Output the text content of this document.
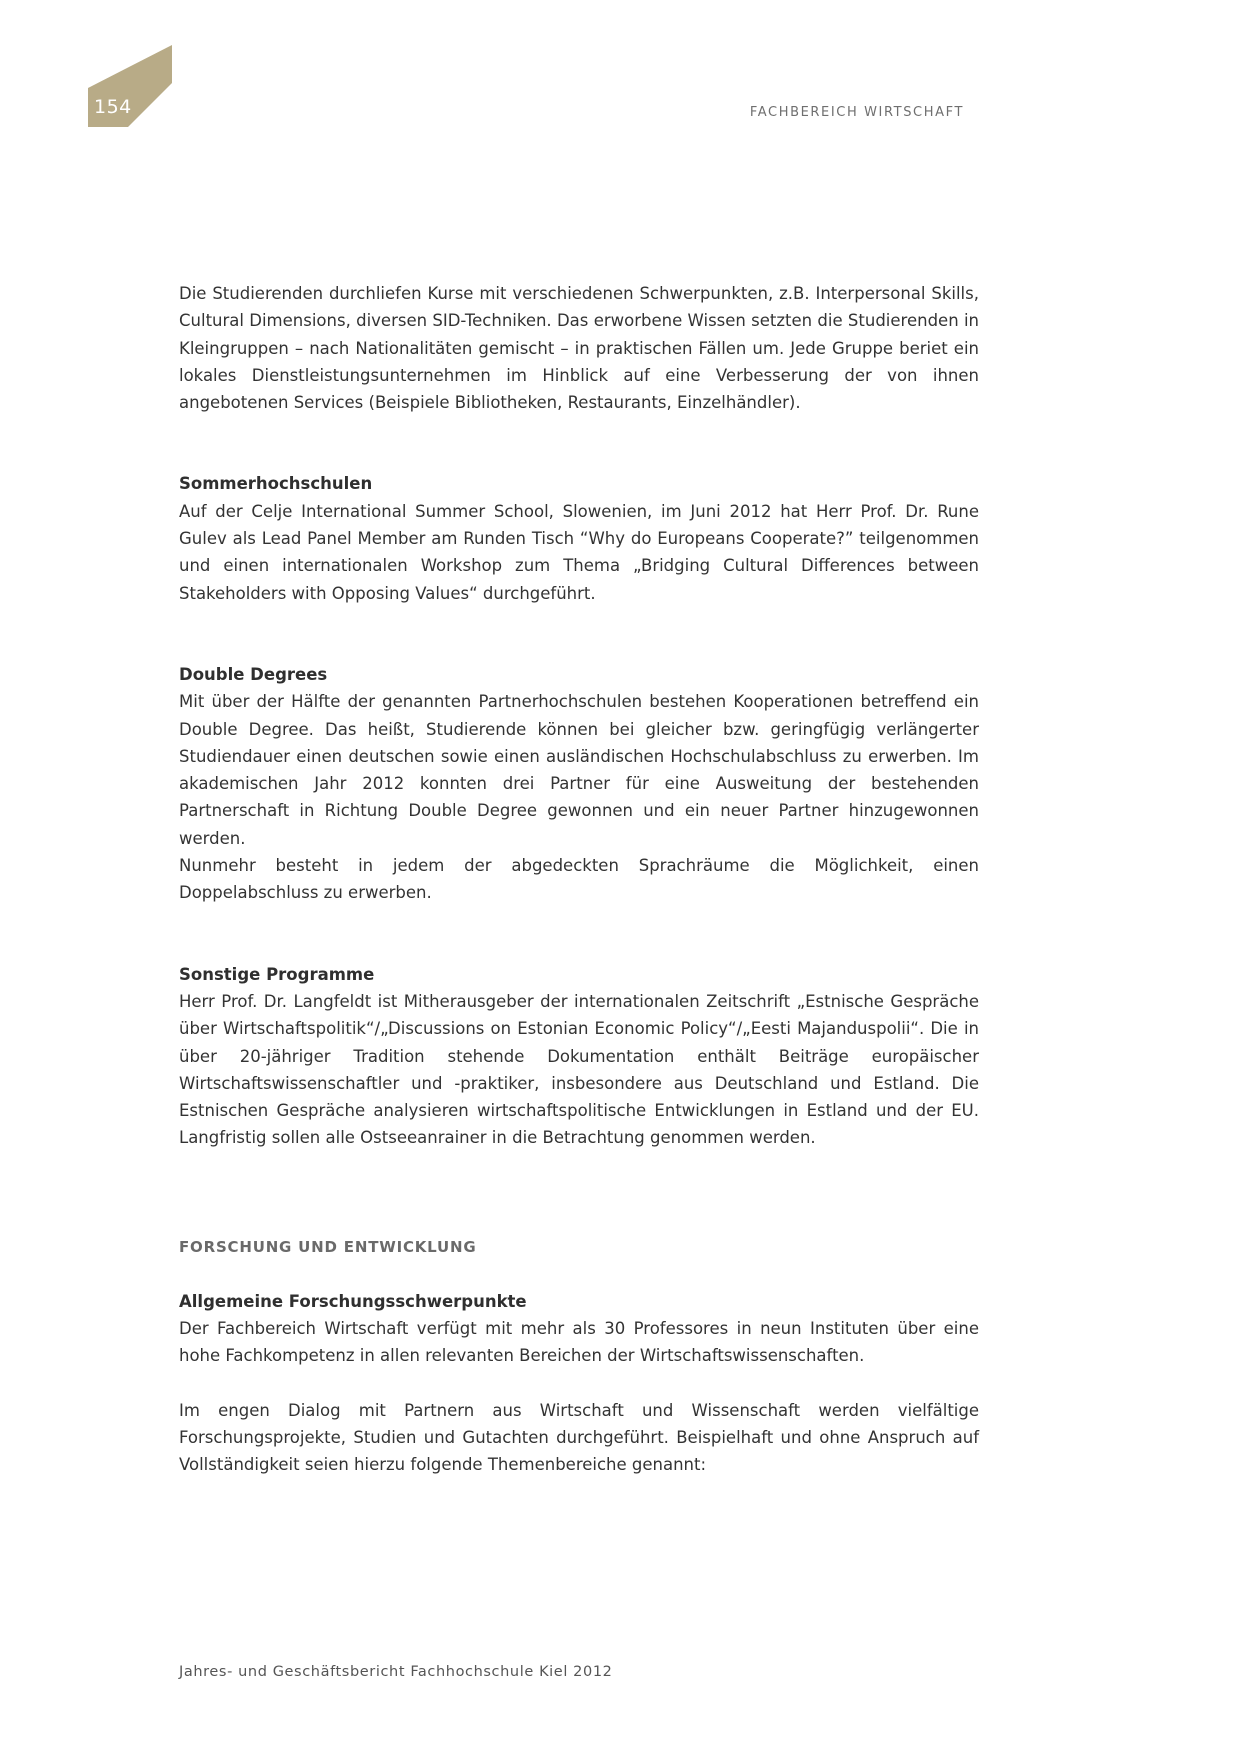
154	FACHBEREICH WIRTSCHAFT

Die Studierenden durchliefen Kurse mit verschiedenen Schwerpunkten, z.B. Interpersonal Skills, Cultural Dimensions, diversen SID-Techniken. Das erworbene Wissen setzten die Studierenden in Kleingruppen – nach Nationalitäten gemischt – in praktischen Fällen um. Jede Gruppe beriet ein lokales Dienstleistungsunternehmen im Hinblick auf eine Verbesserung der von ihnen angebotenen Services (Beispiele Bibliotheken, Restaurants, Einzelhändler).

Sommerhochschulen

Auf der Celje International Summer School, Slowenien, im Juni 2012 hat Herr Prof. Dr. Rune Gulev als Lead Panel Member am Runden Tisch “Why do Europeans Cooperate?” teilgenommen und einen internationalen Workshop zum Thema „Bridging Cultural Differences between Stakeholders with Opposing Values“ durchgeführt.

Double Degrees

Mit über der Hälfte der genannten Partnerhochschulen bestehen Kooperationen betreffend ein Double Degree. Das heißt, Studierende können bei gleicher bzw. geringfügig verlängerter Studiendauer einen deutschen sowie einen ausländischen Hochschulabschluss zu erwerben. Im akademischen Jahr 2012 konnten drei Partner für eine Ausweitung der bestehenden Partnerschaft in Richtung Double Degree gewonnen und ein neuer Partner hinzugewonnen werden.

Nunmehr besteht in jedem der abgedeckten Sprachräume die Möglichkeit, einen Doppelabschluss zu erwerben.

Sonstige Programme

Herr Prof. Dr. Langfeldt ist Mitherausgeber der internationalen Zeitschrift „Estnische Gespräche über Wirtschaftspolitik“/„Discussions on Estonian Economic Policy“/„Eesti Majanduspolii“. Die in über 20-jähriger Tradition stehende Dokumentation enthält Beiträge europäischer Wirtschaftswissenschaftler und -praktiker, insbesondere aus Deutschland und Estland. Die Estnischen Gespräche analysieren wirtschaftspolitische Entwicklungen in Estland und der EU. Langfristig sollen alle Ostseeanrainer in die Betrachtung genommen werden.

FORSCHUNG UND ENTWICKLUNG
Allgemeine Forschungsschwerpunkte

Der Fachbereich Wirtschaft verfügt mit mehr als 30 Professores in neun Instituten über eine hohe Fachkompetenz in allen relevanten Bereichen der Wirtschaftswissenschaften.

Im engen Dialog mit Partnern aus Wirtschaft und Wissenschaft werden vielfältige Forschungsprojekte, Studien und Gutachten durchgeführt. Beispielhaft und ohne Anspruch auf Vollständigkeit seien hierzu folgende Themenbereiche genannt:

Jahres- und Geschäftsbericht Fachhochschule Kiel 2012
